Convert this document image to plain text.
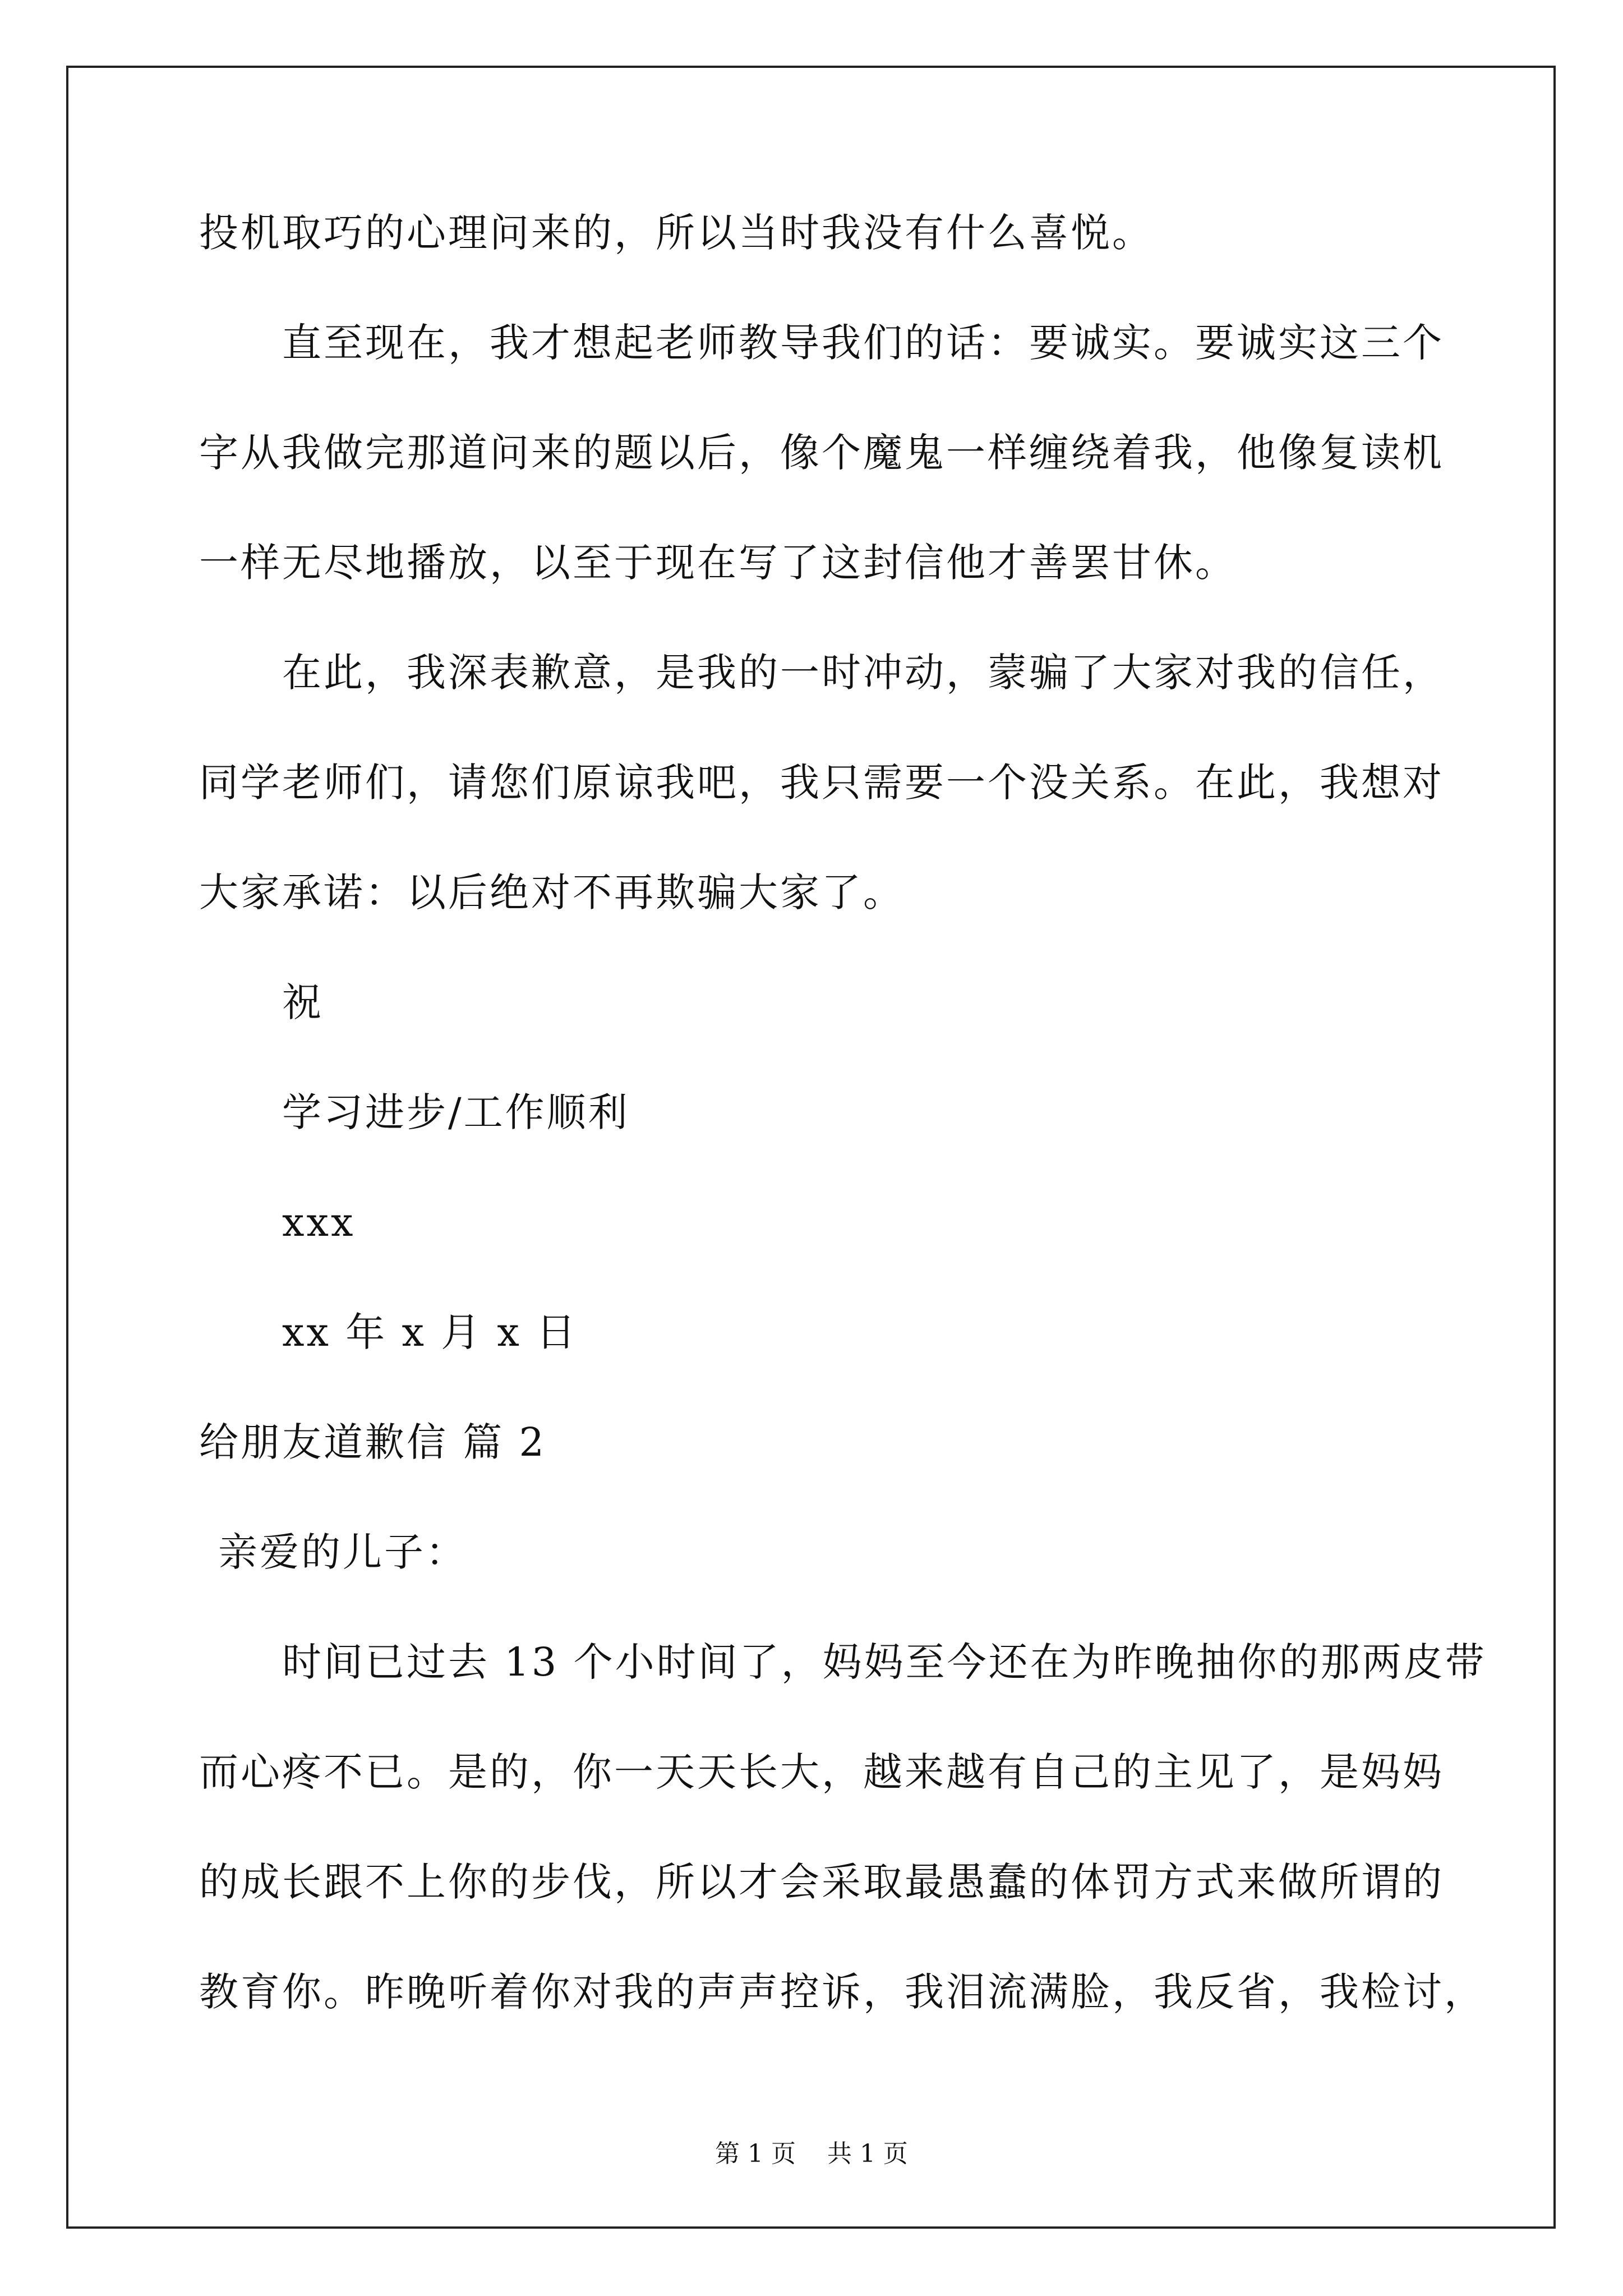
投机取巧的心理问来的，所以当时我没有什么喜悦。
直至现在，我才想起老师教导我们的话：要诚实。要诚实这三个
字从我做完那道问来的题以后，像个魔鬼一样缠绕着我，他像复读机
一样无尽地播放，以至于现在写了这封信他才善罢甘休。
在此，我深表歉意，是我的一时冲动，蒙骗了大家对我的信任，
同学老师们，请您们原谅我吧，我只需要一个没关系。在此，我想对
大家承诺：以后绝对不再欺骗大家了。
祝
学习进步/工作顺利
xxx
xx 年 x 月 x 日
给朋友道歉信 篇 2
亲爱的儿子：
时间已过去 13 个小时间了，妈妈至今还在为昨晚抽你的那两皮带
而心疼不已。是的，你一天天长大，越来越有自己的主见了，是妈妈
的成长跟不上你的步伐，所以才会采取最愚蠢的体罚方式来做所谓的
教育你。昨晚听着你对我的声声控诉，我泪流满脸，我反省，我检讨，
第 1 页    共 1 页
